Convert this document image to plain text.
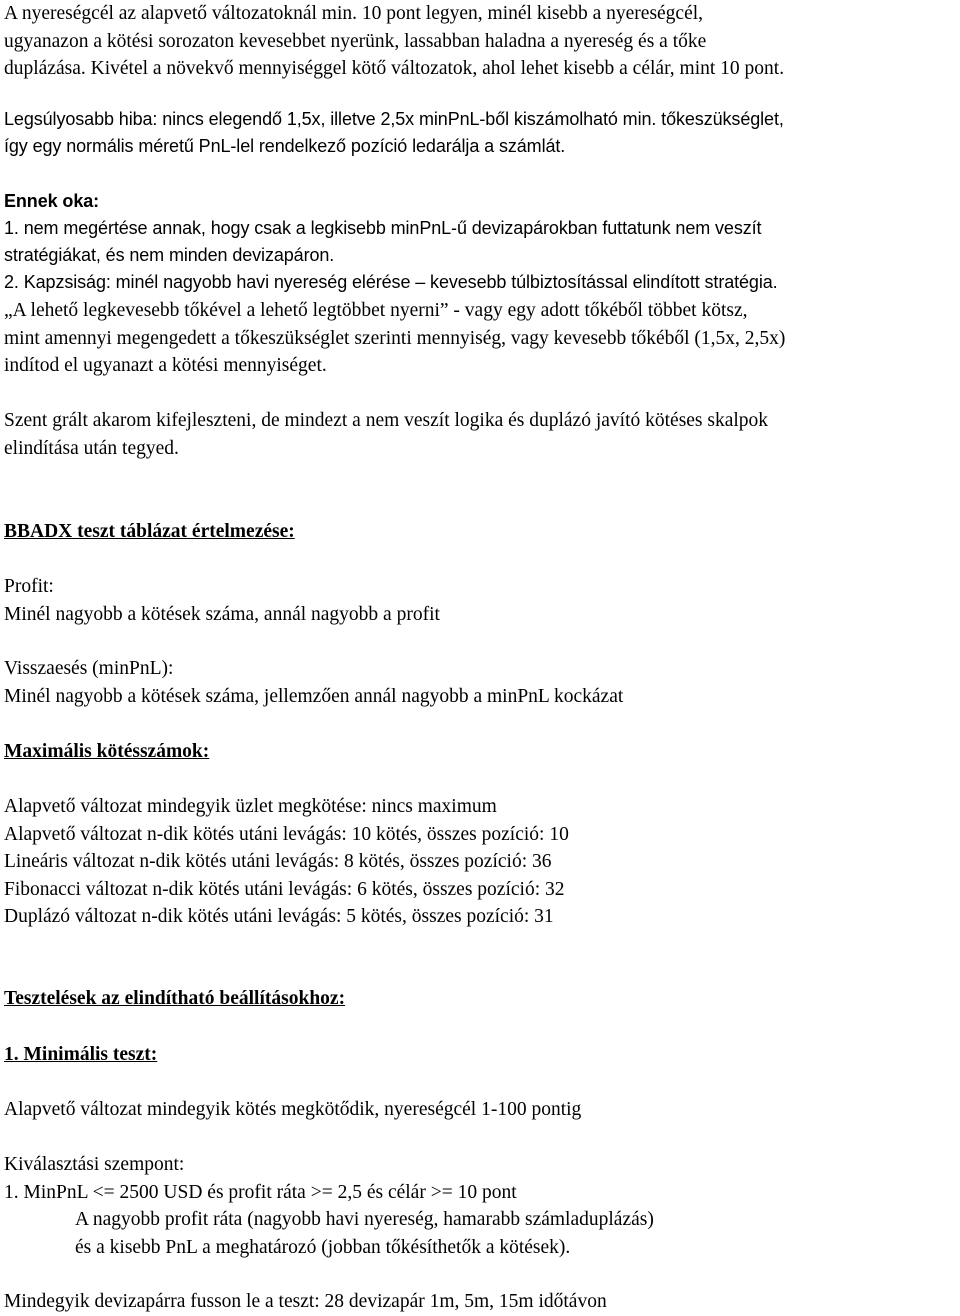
A nyereségcél az alapvető változatoknál min. 10 pont legyen, minél kisebb a nyereségcél,

ugyanazon a kötési sorozaton kevesebbet nyerünk, lassabban haladna a nyereség és a tőke

duplázása. Kivétel a növekvő mennyiséggel kötő változatok, ahol lehet kisebb a célár, mint 10 pont.

Legsúlyosabb hiba: nincs elegendő 1,5x, illetve 2,5x minPnL-ből kiszámolható min. tőkeszükséglet,

így egy normális méretű PnL-lel rendelkező pozíció ledarálja a számlát.

Ennek oka:

1. nem megértése annak, hogy csak a legkisebb minPnL-ű devizapárokban futtatunk nem veszít

stratégiákat, és nem minden devizapáron.

2. Kapzsiság: minél nagyobb havi nyereség elérése – kevesebb túlbiztosítással elindított stratégia.

„A lehető legkevesebb tőkével a lehető legtöbbet nyerni” - vagy egy adott tőkéből többet kötsz,

mint amennyi megengedett a tőkeszükséglet szerinti mennyiség, vagy kevesebb tőkéből (1,5x, 2,5x)

indítod el ugyanazt a kötési mennyiséget.

Szent grált akarom kifejleszteni, de mindezt a nem veszít logika és duplázó javító kötéses skalpok

elindítása után tegyed.

BBADX teszt táblázat értelmezése:

Profit:

Minél nagyobb a kötések száma, annál nagyobb a profit

Visszaesés (minPnL):

Minél nagyobb a kötések száma, jellemzően annál nagyobb a minPnL kockázat

Maximális kötésszámok:

Alapvető változat mindegyik üzlet megkötése: nincs maximum

Alapvető változat n-dik kötés utáni levágás: 10 kötés, összes pozíció: 10

Lineáris változat n-dik kötés utáni levágás: 8 kötés, összes pozíció: 36

Fibonacci változat n-dik kötés utáni levágás: 6 kötés, összes pozíció: 32

Duplázó változat n-dik kötés utáni levágás: 5 kötés, összes pozíció: 31

Tesztelések az elindítható beállításokhoz:

1. Minimális teszt:

Alapvető változat mindegyik kötés megkötődik, nyereségcél 1-100 pontig

Kiválasztási szempont:

1. MinPnL <= 2500 USD és profit ráta >= 2,5 és célár >= 10 pont

A nagyobb profit ráta (nagyobb havi nyereség, hamarabb számladuplázás)

és a kisebb PnL a meghatározó (jobban tőkésíthetők a kötések).

Mindegyik devizapárra fusson le a teszt: 28 devizapár 1m, 5m, 15m időtávon
